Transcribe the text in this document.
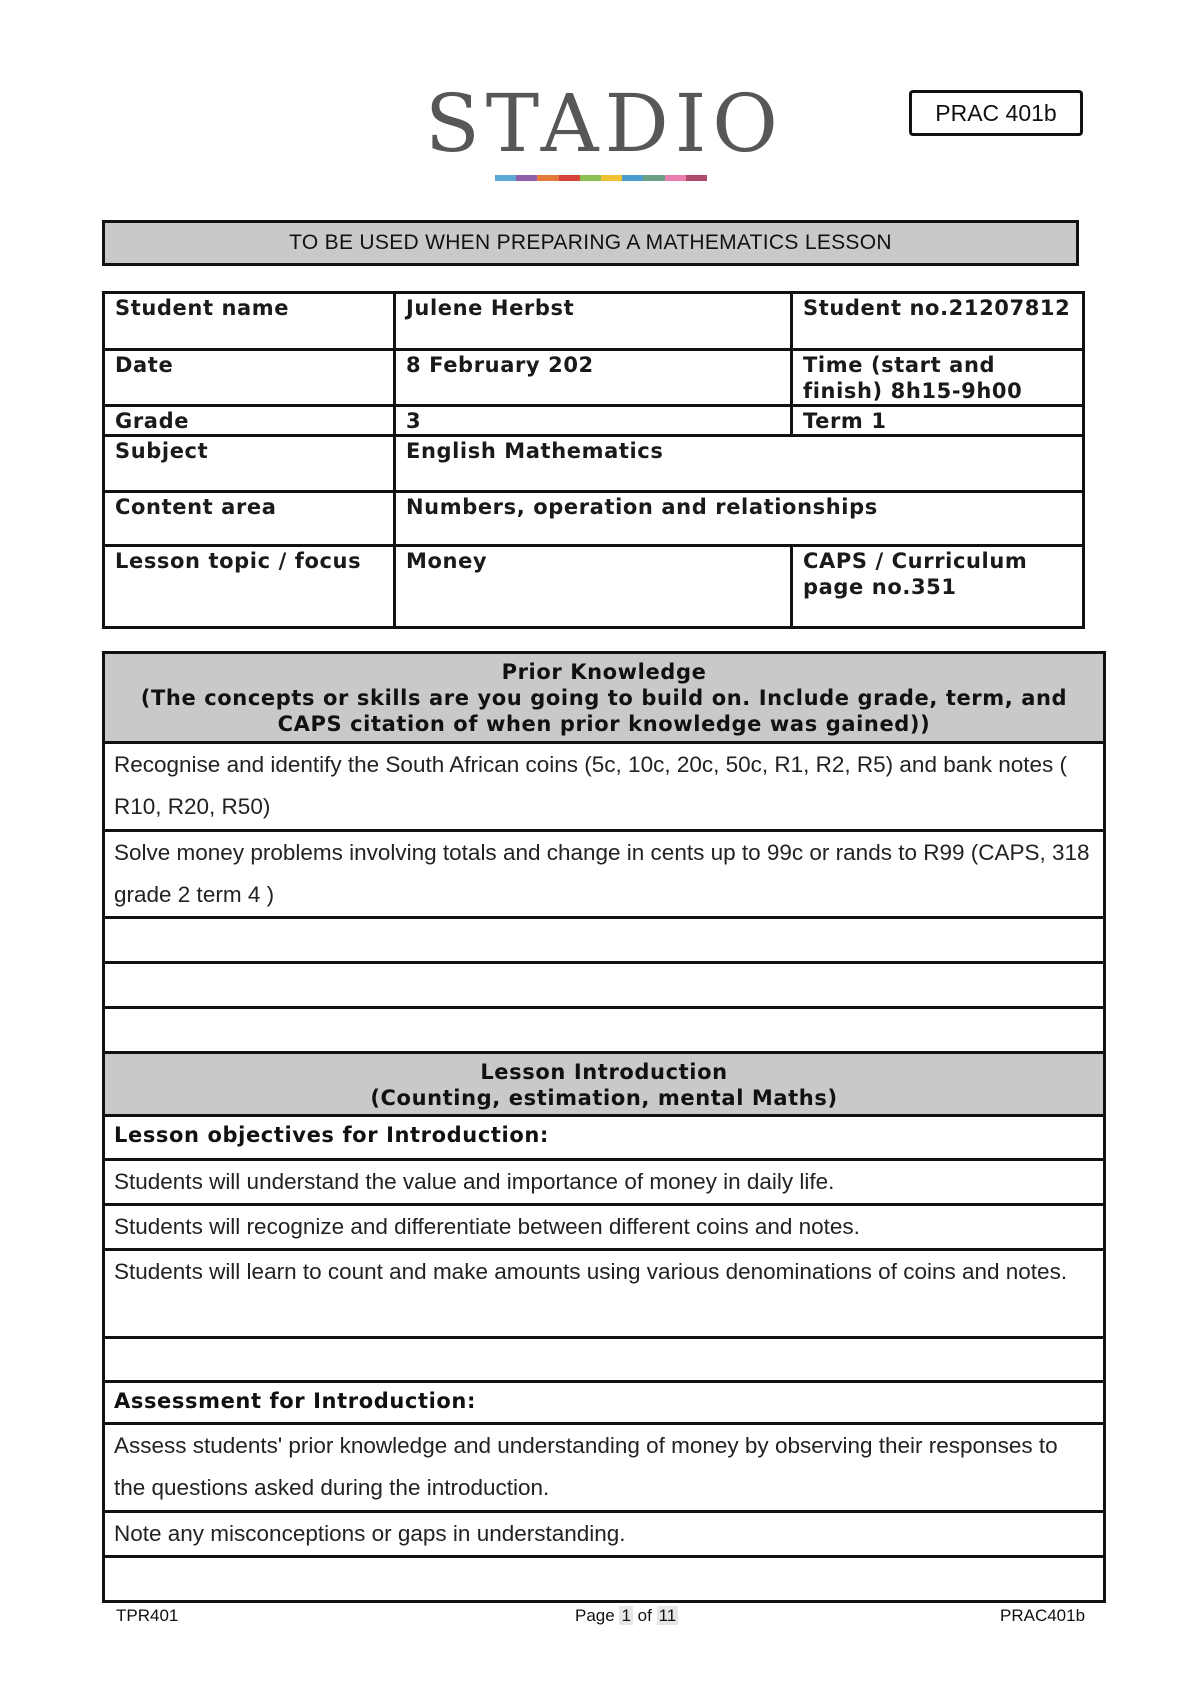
STADIO	PRAC 401b
TO BE USED WHEN PREPARING A MATHEMATICS LESSON
Student name	Julene Herbst	Student no.21207812
Date	8 February 202	Time (start and
finish) 8h15-9h00
Grade	3	Term 1
Subject	English Mathematics	
Content area	Numbers, operation and relationships	
Lesson topic / focus	Money	CAPS / Curriculum
page no.351
Prior Knowledge
(The concepts or skills are you going to build on. Include grade, term, and
CAPS citation of when prior knowledge was gained))

Recognise and identify the South African coins (5c, 10c, 20c, 50c, R1, R2, R5) and bank notes ( R10, R20, R50)
Solve money problems involving totals and change in cents up to 99c or rands to R99 (CAPS, 318 grade 2 term 4 )

Lesson Introduction
(Counting, estimation, mental Maths)

Lesson objectives for Introduction:
Students will understand the value and importance of money in daily life.
Students will recognize and differentiate between different coins and notes.
Students will learn to count and make amounts using various denominations of coins and notes.

Assessment for Introduction:
Assess students' prior knowledge and understanding of money by observing their responses to the questions asked during the introduction.
Note any misconceptions or gaps in understanding.

TPR401	Page 1 of 11	PRAC401b
